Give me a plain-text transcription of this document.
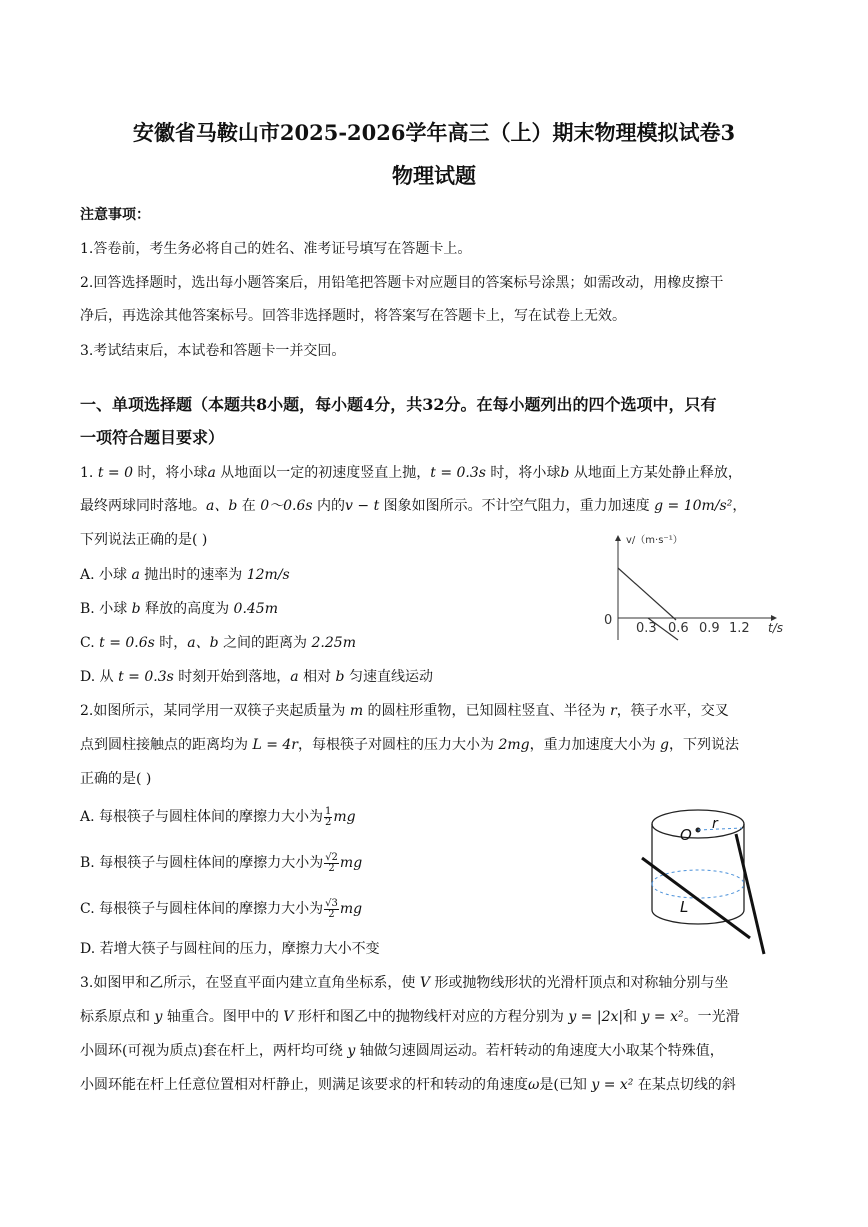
安徽省马鞍山市2025-2026学年高三（上）期末物理模拟试卷3
物理试题
注意事项：
1.答卷前，考生务必将自己的姓名、准考证号填写在答题卡上。
2.回答选择题时，选出每小题答案后，用铅笔把答题卡对应题目的答案标号涂黑；如需改动，用橡皮擦干
净后，再选涂其他答案标号。回答非选择题时，将答案写在答题卡上，写在试卷上无效。
3.考试结束后，本试卷和答题卡一并交回。
一、单项选择题（本题共8小题，每小题4分，共32分。在每小题列出的四个选项中，只有
一项符合题目要求）
1. t = 0 时，将小球a 从地面以一定的初速度竖直上抛，t = 0.3s 时，将小球b 从地面上方某处静止释放，
最终两球同时落地。a、b 在 0～0.6s 内的v − t 图象如图所示。不计空气阻力，重力加速度 g = 10m/s²，
下列说法正确的是( )
A. 小球 a 抛出时的速率为 12m/s
B. 小球 b 释放的高度为 0.45m
C. t = 0.6s 时，a、b 之间的距离为 2.25m
D. 从 t = 0.3s 时刻开始到落地，a 相对 b 匀速直线运动
v/（m·s⁻¹）
0
0.3 0.6 0.9 1.2 t/s
2.如图所示，某同学用一双筷子夹起质量为 m 的圆柱形重物，已知圆柱竖直、半径为 r，筷子水平，交叉
点到圆柱接触点的距离均为 L = 4r，每根筷子对圆柱的压力大小为 2mg，重力加速度大小为 g，下列说法
正确的是( )
A. 每根筷子与圆柱体间的摩擦力大小为 $\frac{1}{2}$ mg
B. 每根筷子与圆柱体间的摩擦力大小为 $\frac{√2}{2}$ mg
C. 每根筷子与圆柱体间的摩擦力大小为 $\frac{√3}{2}$ mg
D. 若增大筷子与圆柱间的压力，摩擦力大小不变
O
r
L
3.如图甲和乙所示，在竖直平面内建立直角坐标系，使 V 形或抛物线形状的光滑杆顶点和对称轴分别与坐
标系原点和 y 轴重合。图甲中的 V 形杆和图乙中的抛物线杆对应的方程分别为 y = |2x|和 y = x²。一光滑
小圆环(可视为质点)套在杆上，两杆均可绕 y 轴做匀速圆周运动。若杆转动的角速度大小取某个特殊值，
小圆环能在杆上任意位置相对杆静止，则满足该要求的杆和转动的角速度ω是(已知 y = x² 在某点切线的斜
